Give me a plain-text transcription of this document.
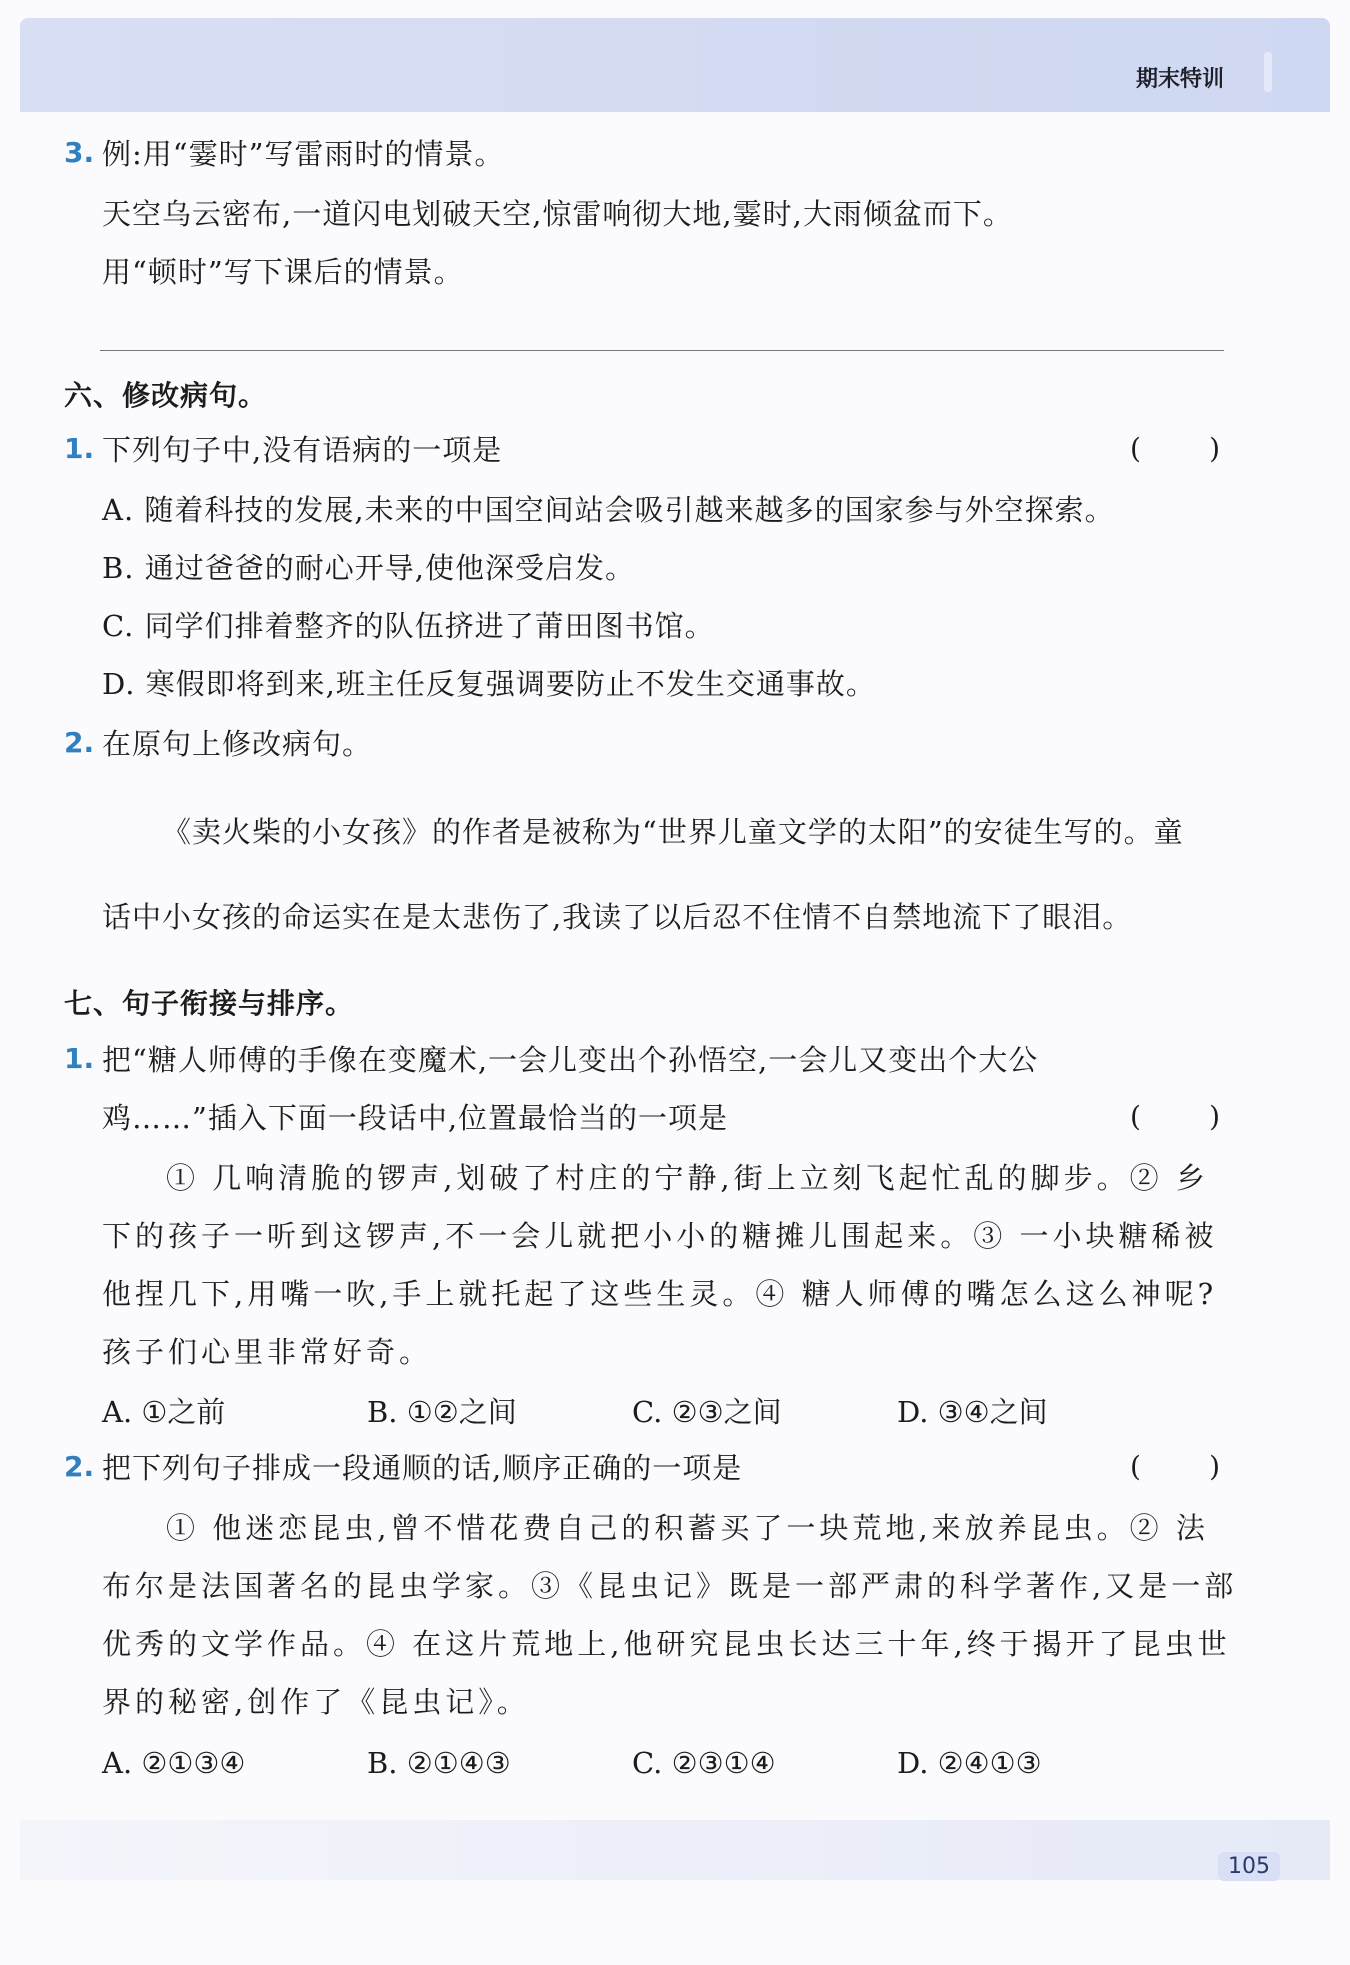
期末特训
3. 例:用“霎时”写雷雨时的情景。
天空乌云密布,一道闪电划破天空,惊雷响彻大地,霎时,大雨倾盆而下。
用“顿时”写下课后的情景。
六、修改病句。
1. 下列句子中,没有语病的一项是	( )
A. 随着科技的发展,未来的中国空间站会吸引越来越多的国家参与外空探索。
B. 通过爸爸的耐心开导,使他深受启发。
C. 同学们排着整齐的队伍挤进了莆田图书馆。
D. 寒假即将到来,班主任反复强调要防止不发生交通事故。
2. 在原句上修改病句。
《卖火柴的小女孩》的作者是被称为“世界儿童文学的太阳”的安徒生写的。童
话中小女孩的命运实在是太悲伤了,我读了以后忍不住情不自禁地流下了眼泪。
七、句子衔接与排序。
1. 把“糖人师傅的手像在变魔术,一会儿变出个孙悟空,一会儿又变出个大公
鸡……”插入下面一段话中,位置最恰当的一项是	( )
① 几响清脆的锣声,划破了村庄的宁静,街上立刻飞起忙乱的脚步。② 乡
下的孩子一听到这锣声,不一会儿就把小小的糖摊儿围起来。③ 一小块糖稀被
他捏几下,用嘴一吹,手上就托起了这些生灵。④ 糖人师傅的嘴怎么这么神呢?
孩子们心里非常好奇。
A. ①之前	B. ①②之间	C. ②③之间	D. ③④之间
2. 把下列句子排成一段通顺的话,顺序正确的一项是	( )
① 他迷恋昆虫,曾不惜花费自己的积蓄买了一块荒地,来放养昆虫。② 法
布尔是法国著名的昆虫学家。③《昆虫记》既是一部严肃的科学著作,又是一部
优秀的文学作品。④ 在这片荒地上,他研究昆虫长达三十年,终于揭开了昆虫世
界的秘密,创作了《昆虫记》。
A. ②①③④	B. ②①④③	C. ②③①④	D. ②④①③
105
